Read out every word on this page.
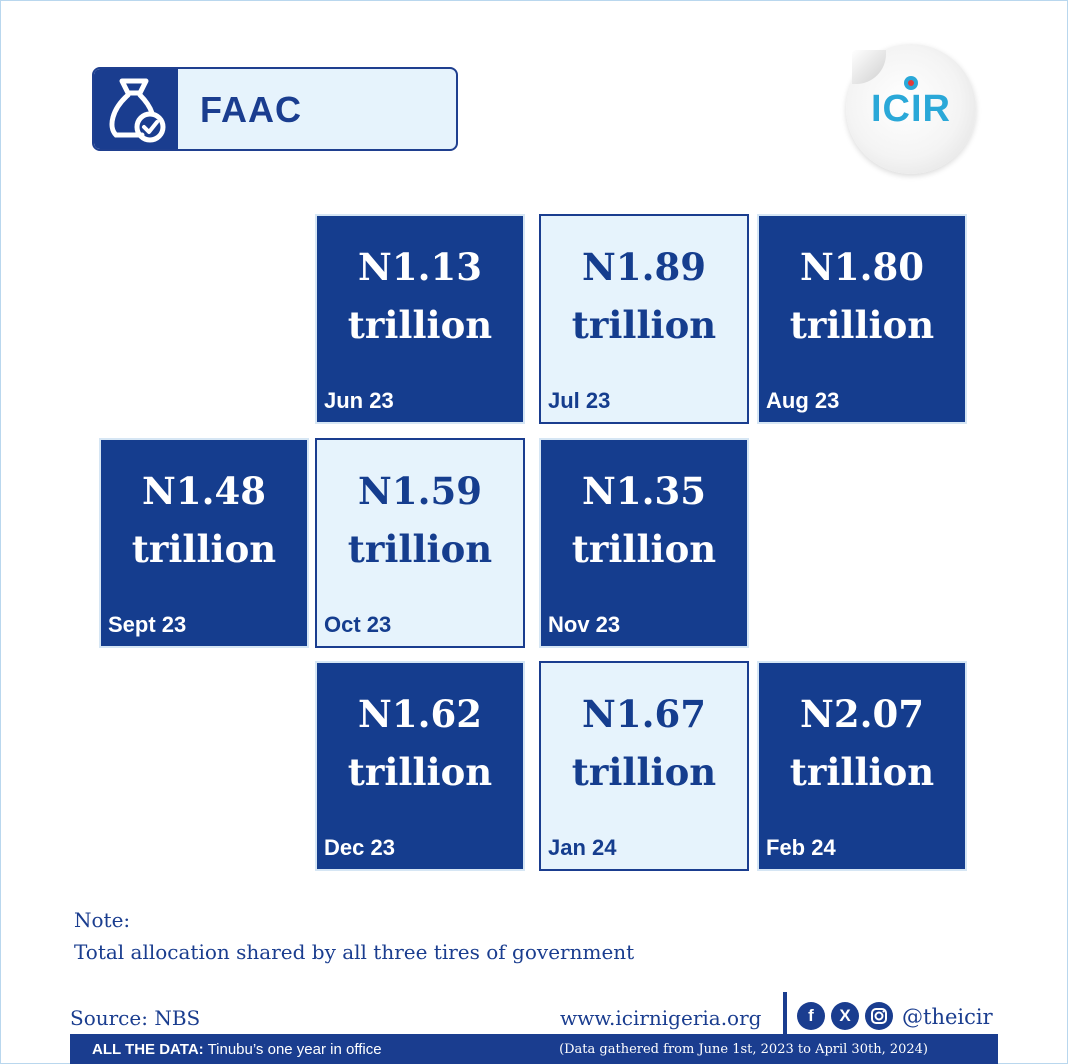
FAAC	ICIR
N1.13
trillion
Jun 23
N1.89
trillion
Jul 23
N1.80
trillion
Aug 23
N1.48
trillion
Sept 23
N1.59
trillion
Oct 23
N1.35
trillion
Nov 23
N1.62
trillion
Dec 23
N1.67
trillion
Jan 24
N2.07
trillion
Feb 24
Note:
Total allocation shared by all three tires of government
Source: NBS	www.icirnigeria.org	f	X	@theicir
ALL THE DATA: Tinubu’s one year in office	(Data gathered from June 1st, 2023 to April 30th, 2024)
